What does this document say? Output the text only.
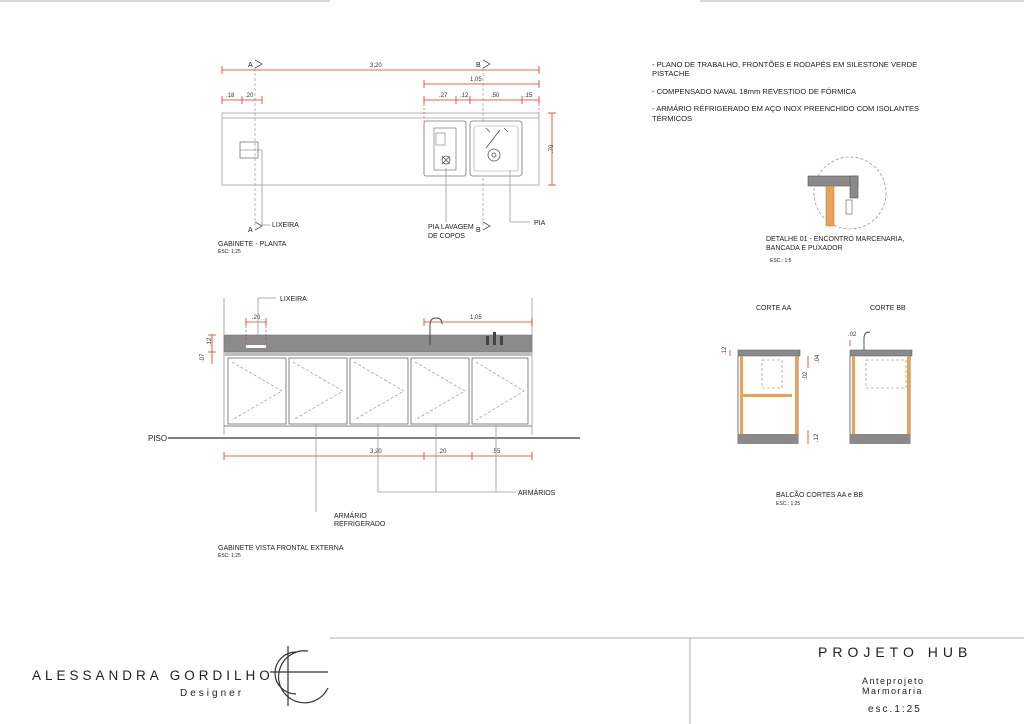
A
A
B
B
3,20
1,05
.18 .20	.27 .12	.50	.15
.70
LIXEIRA	PIA LAVAGEM
DE COPOS
PIA
GABINETE - PLANTA
ESC: 1:25
PISO
.20
LIXEIRA
1,05
.12
.07
3,20	.20	.55
ARMÁRIO
REFRIGERADO
ARMÁRIOS
GABINETE VISTA FRONTAL EXTERNA
ESC: 1:25
DETALHE 01 - ENCONTRO MARCENARIA,
BANCADA E PUXADOR
ESC.: 1:5
CORTE AA	CORTE BB
.12
.04
.02
.12
.02
BALCÃO CORTES AA e BB
ESC.: 1:25

- PLANO DE TRABALHO, FRONTÕES E RODAPÉS EM SILESTONE VERDE PISTACHE

- COMPENSADO NAVAL 18mm REVESTIDO DE FÓRMICA

- ARMÁRIO REFRIGERADO EM AÇO INOX PREENCHIDO COM ISOLANTES TÉRMICOS

ALESSANDRA GORDILHO
Designer
PROJETO HUB
Anteprojeto
Marmoraria
esc.1:25
